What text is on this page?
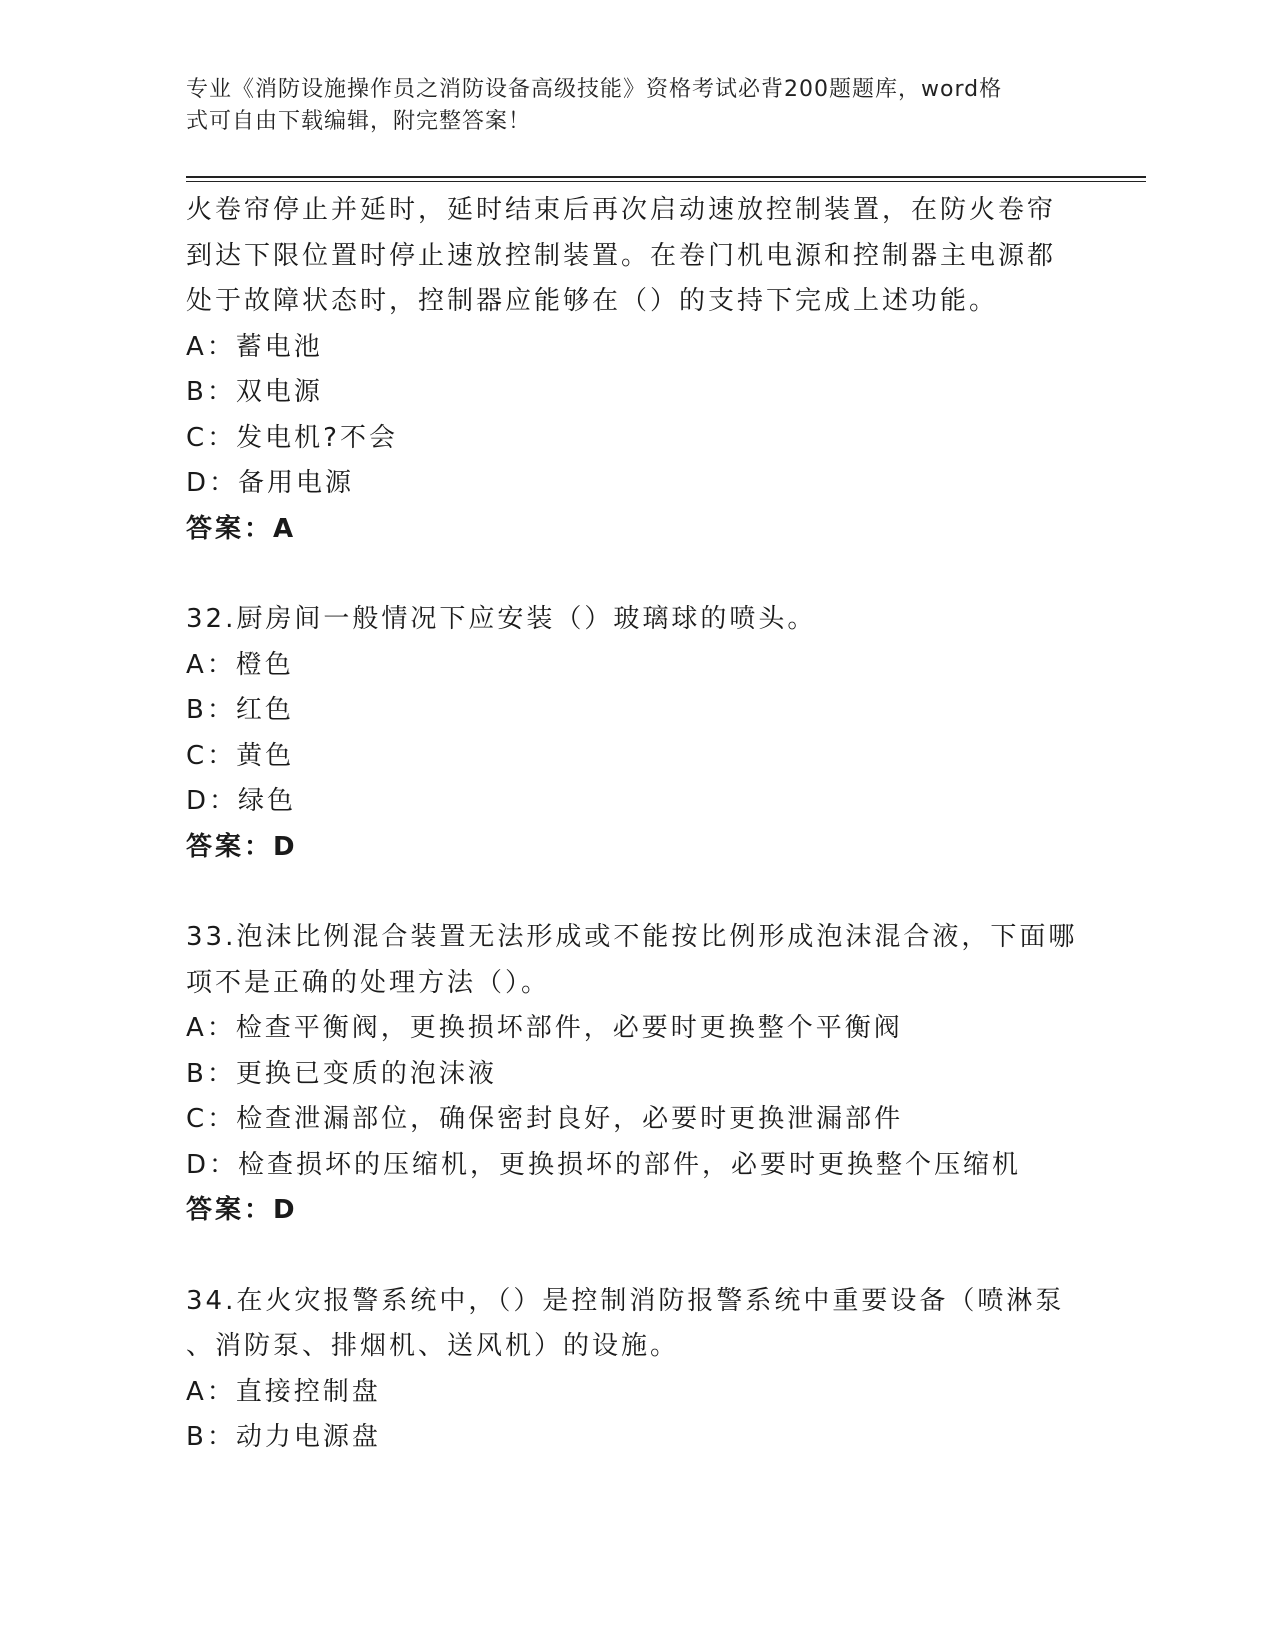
专业《消防设施操作员之消防设备高级技能》资格考试必背200题题库，word格
式可自由下载编辑，附完整答案！
火卷帘停止并延时，延时结束后再次启动速放控制装置，在防火卷帘
到达下限位置时停止速放控制装置。在卷门机电源和控制器主电源都
处于故障状态时，控制器应能够在（）的支持下完成上述功能。
A：蓄电池
B：双电源
C：发电机?不会
D：备用电源
答案：A
32.厨房间一般情况下应安装（）玻璃球的喷头。
A：橙色
B：红色
C：黄色
D：绿色
答案：D
33.泡沫比例混合装置无法形成或不能按比例形成泡沫混合液，下面哪
项不是正确的处理方法（）。
A：检查平衡阀，更换损坏部件，必要时更换整个平衡阀
B：更换已变质的泡沫液
C：检查泄漏部位，确保密封良好，必要时更换泄漏部件
D：检查损坏的压缩机，更换损坏的部件，必要时更换整个压缩机
答案：D
34.在火灾报警系统中，（）是控制消防报警系统中重要设备（喷淋泵
、消防泵、排烟机、送风机）的设施。
A：直接控制盘
B：动力电源盘
